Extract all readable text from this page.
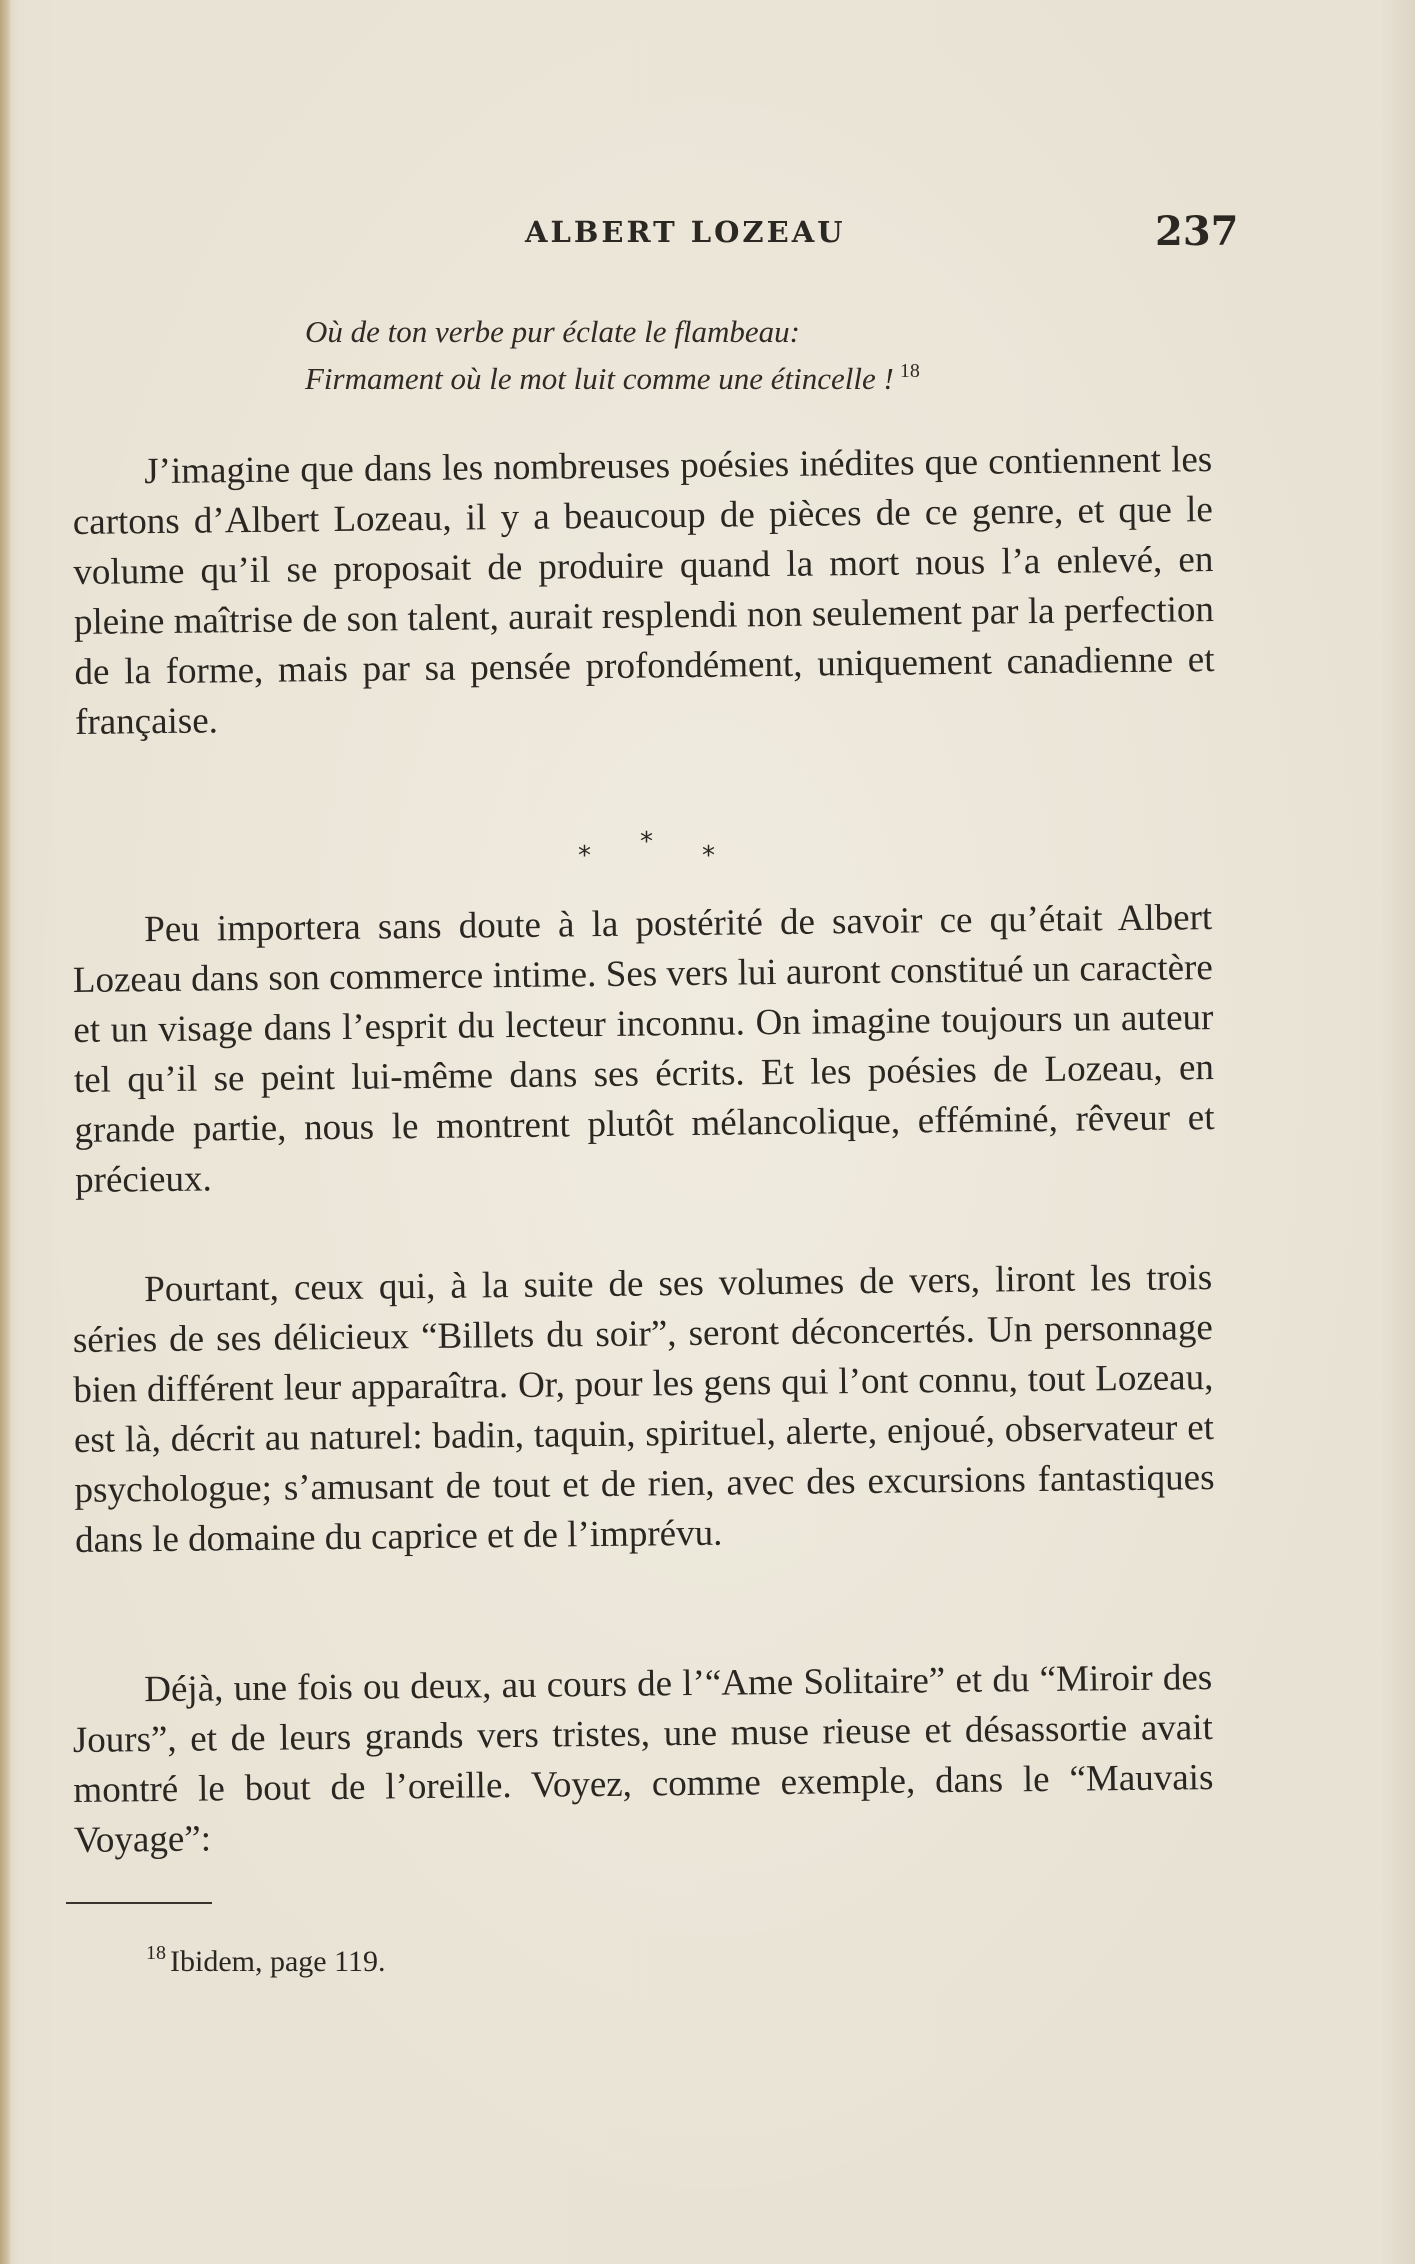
ALBERT LOZEAU	237
Où de ton verbe pur éclate le flambeau:
Firmament où le mot luit comme une étincelle ! $^{18}$

J’imagine que dans les nombreuses poésies inédites que contiennent les cartons d’Albert Lozeau, il y a beaucoup de pièces de ce genre, et que le volume qu’il se proposait de produire quand la mort nous l’a enlevé, en pleine maîtrise de son talent, aurait resplendi non seulement par la perfection de la forme, mais par sa pensée profondément, uniquement canadienne et française.

* * *

Peu importera sans doute à la postérité de savoir ce qu’était Albert Lozeau dans son commerce intime. Ses vers lui auront constitué un caractère et un visage dans l’esprit du lecteur inconnu. On imagine toujours un auteur tel qu’il se peint lui-même dans ses écrits. Et les poésies de Lozeau, en grande partie, nous le montrent plutôt mélancolique, efféminé, rêveur et précieux.

Pourtant, ceux qui, à la suite de ses volumes de vers, liront les trois séries de ses délicieux “Billets du soir”, seront déconcertés. Un personnage bien différent leur apparaîtra. Or, pour les gens qui l’ont connu, tout Lozeau, est là, décrit au naturel: badin, taquin, spirituel, alerte, enjoué, observateur et psychologue; s’amusant de tout et de rien, avec des excursions fantastiques dans le domaine du caprice et de l’imprévu.

Déjà, une fois ou deux, au cours de l’“Ame Solitaire” et du “Miroir des Jours”, et de leurs grands vers tristes, une muse rieuse et désassortie avait montré le bout de l’oreille. Voyez, comme exemple, dans le “Mauvais Voyage”:

$^{18}$ Ibidem, page 119.
